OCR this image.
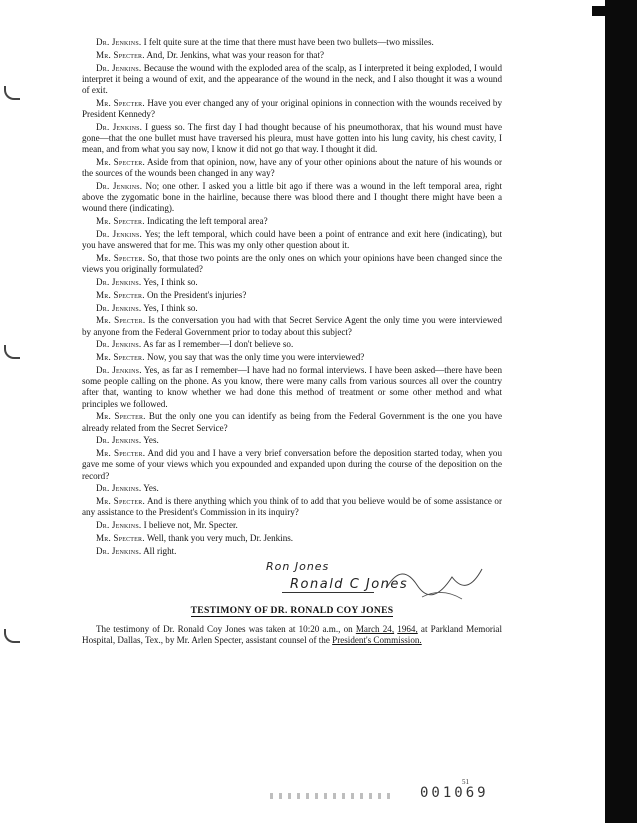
Dr. Jenkins. I felt quite sure at the time that there must have been two bullets—two missiles.

Mr. Specter. And, Dr. Jenkins, what was your reason for that?

Dr. Jenkins. Because the wound with the exploded area of the scalp, as I interpreted it being exploded, I would interpret it being a wound of exit, and the appearance of the wound in the neck, and I also thought it was a wound of exit.

Mr. Specter. Have you ever changed any of your original opinions in connection with the wounds received by President Kennedy?

Dr. Jenkins. I guess so. The first day I had thought because of his pneumothorax, that his wound must have gone—that the one bullet must have traversed his pleura, must have gotten into his lung cavity, his chest cavity, I mean, and from what you say now, I know it did not go that way. I thought it did.

Mr. Specter. Aside from that opinion, now, have any of your other opinions about the nature of his wounds or the sources of the wounds been changed in any way?

Dr. Jenkins. No; one other. I asked you a little bit ago if there was a wound in the left temporal area, right above the zygomatic bone in the hairline, because there was blood there and I thought there might have been a wound there (indicating).

Mr. Specter. Indicating the left temporal area?

Dr. Jenkins. Yes; the left temporal, which could have been a point of entrance and exit here (indicating), but you have answered that for me. This was my only other question about it.

Mr. Specter. So, that those two points are the only ones on which your opinions have been changed since the views you originally formulated?

Dr. Jenkins. Yes, I think so.

Mr. Specter. On the President's injuries?

Dr. Jenkins. Yes, I think so.

Mr. Specter. Is the conversation you had with that Secret Service Agent the only time you were interviewed by anyone from the Federal Government prior to today about this subject?

Dr. Jenkins. As far as I remember—I don't believe so.

Mr. Specter. Now, you say that was the only time you were interviewed?

Dr. Jenkins. Yes, as far as I remember—I have had no formal interviews. I have been asked—there have been some people calling on the phone. As you know, there were many calls from various sources all over the country after that, wanting to know whether we had done this method of treatment or some other method and what principles we followed.

Mr. Specter. But the only one you can identify as being from the Federal Government is the one you have already related from the Secret Service?

Dr. Jenkins. Yes.

Mr. Specter. And did you and I have a very brief conversation before the deposition started today, when you gave me some of your views which you expounded and expanded upon during the course of the deposition on the record?

Dr. Jenkins. Yes.

Mr. Specter. And is there anything which you think of to add that you believe would be of some assistance or any assistance to the President's Commission in its inquiry?

Dr. Jenkins. I believe not, Mr. Specter.

Mr. Specter. Well, thank you very much, Dr. Jenkins.

Dr. Jenkins. All right.

Ron Jones
Ronald C Jones
TESTIMONY OF DR. RONALD COY JONES

The testimony of Dr. Ronald Coy Jones was taken at 10:20 a.m., on March 24, 1964, at Parkland Memorial Hospital, Dallas, Tex., by Mr. Arlen Specter, assistant counsel of the President's Commission.

001069
51
